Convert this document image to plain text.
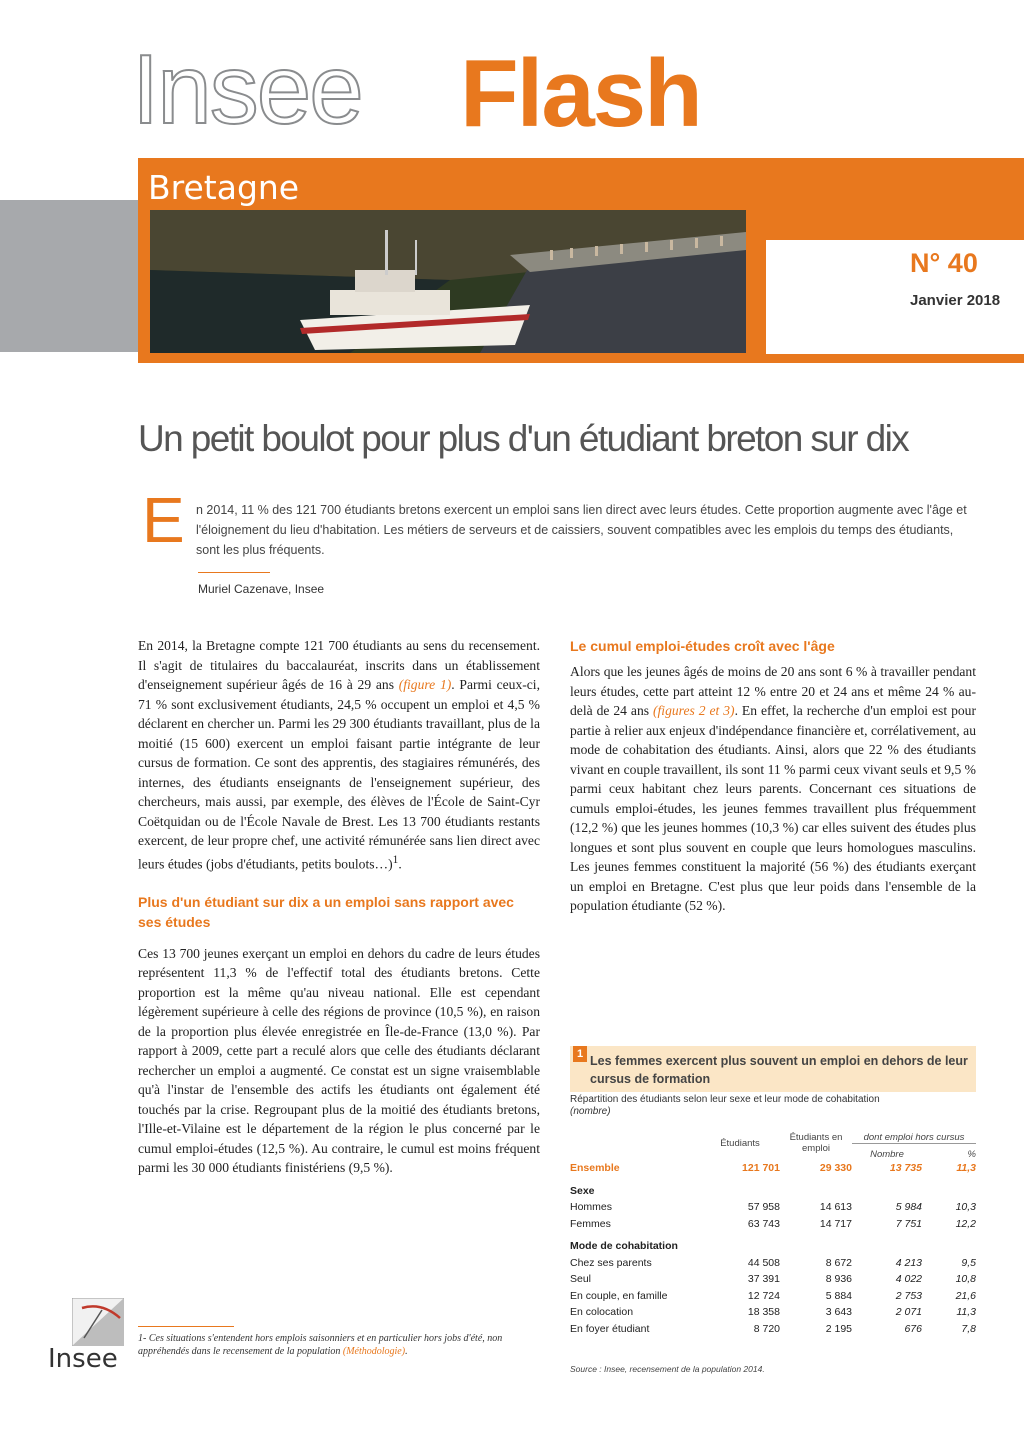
Insee Flash
Bretagne
N° 40
Janvier 2018
Un petit boulot pour plus d'un étudiant breton sur dix
E n 2014, 11 % des 121 700 étudiants bretons exercent un emploi sans lien direct avec leurs études. Cette proportion augmente avec l'âge et l'éloignement du lieu d'habitation. Les métiers de serveurs et de caissiers, souvent compatibles avec les emplois du temps des étudiants, sont les plus fréquents.
Muriel Cazenave, Insee

En 2014, la Bretagne compte 121 700 étudiants au sens du recensement. Il s'agit de titulaires du baccalauréat, inscrits dans un établissement d'enseignement supérieur âgés de 16 à 29 ans (figure 1). Parmi ceux-ci, 71 % sont exclusivement étudiants, 24,5 % occupent un emploi et 4,5 % déclarent en chercher un. Parmi les 29 300 étudiants travaillant, plus de la moitié (15 600) exercent un emploi faisant partie intégrante de leur cursus de formation. Ce sont des apprentis, des stagiaires rémunérés, des internes, des étudiants enseignants de l'enseignement supérieur, des chercheurs, mais aussi, par exemple, des élèves de l'École de Saint-Cyr Coëtquidan ou de l'École Navale de Brest. Les 13 700 étudiants restants exercent, de leur propre chef, une activité rémunérée sans lien direct avec leurs études (jobs d'étudiants, petits boulots…)$^1$.

Plus d'un étudiant sur dix a un emploi sans rapport avec ses études

Ces 13 700 jeunes exerçant un emploi en dehors du cadre de leurs études représentent 11,3 % de l'effectif total des étudiants bretons. Cette proportion est la même qu'au niveau national. Elle est cependant légèrement supérieure à celle des régions de province (10,5 %), en raison de la proportion plus élevée enregistrée en Île-de-France (13,0 %). Par rapport à 2009, cette part a reculé alors que celle des étudiants déclarant rechercher un emploi a augmenté. Ce constat est un signe vraisemblable qu'à l'instar de l'ensemble des actifs les étudiants ont également été touchés par la crise. Regroupant plus de la moitié des étudiants bretons, l'Ille-et-Vilaine est le département de la région le plus concerné par le cumul emploi-études (12,5 %). Au contraire, le cumul est moins fréquent parmi les 30 000 étudiants finistériens (9,5 %).

Le cumul emploi-études croît avec l'âge

Alors que les jeunes âgés de moins de 20 ans sont 6 % à travailler pendant leurs études, cette part atteint 12 % entre 20 et 24 ans et même 24 % au-delà de 24 ans (figures 2 et 3). En effet, la recherche d'un emploi est pour partie à relier aux enjeux d'indépendance financière et, corrélativement, au mode de cohabitation des étudiants. Ainsi, alors que 22 % des étudiants vivant en couple travaillent, ils sont 11 % parmi ceux vivant seuls et 9,5 % parmi ceux habitant chez leurs parents. Concernant ces situations de cumuls emploi-études, les jeunes femmes travaillent plus fréquemment (12,2 %) que les jeunes hommes (10,3 %) car elles suivent des études plus longues et sont plus souvent en couple que leurs homologues masculins. Les jeunes femmes constituent la majorité (56 %) des étudiants exerçant un emploi en Bretagne. C'est plus que leur poids dans l'ensemble de la population étudiante (52 %).

1- Ces situations s'entendent hors emplois saisonniers et en particulier hors jobs d'été, non appréhendés dans le recensement de la population (Méthodologie).
Insee
1 Les femmes exercent plus souvent un emploi en dehors de leur cursus de formation
Répartition des étudiants selon leur sexe et leur mode de cohabitation
(nombre)
	Étudiants	Étudiants en emploi	dont emploi hors cursus	
			Nombre	%
Ensemble	121 701	29 330	13 735	11,3
Sexe				
Hommes	57 958	14 613	5 984	10,3
Femmes	63 743	14 717	7 751	12,2
Mode de cohabitation				
Chez ses parents	44 508	8 672	4 213	9,5
Seul	37 391	8 936	4 022	10,8
En couple, en famille	12 724	5 884	2 753	21,6
En colocation	18 358	3 643	2 071	11,3
En foyer étudiant	8 720	2 195	676	7,8
Source : Insee, recensement de la population 2014.
